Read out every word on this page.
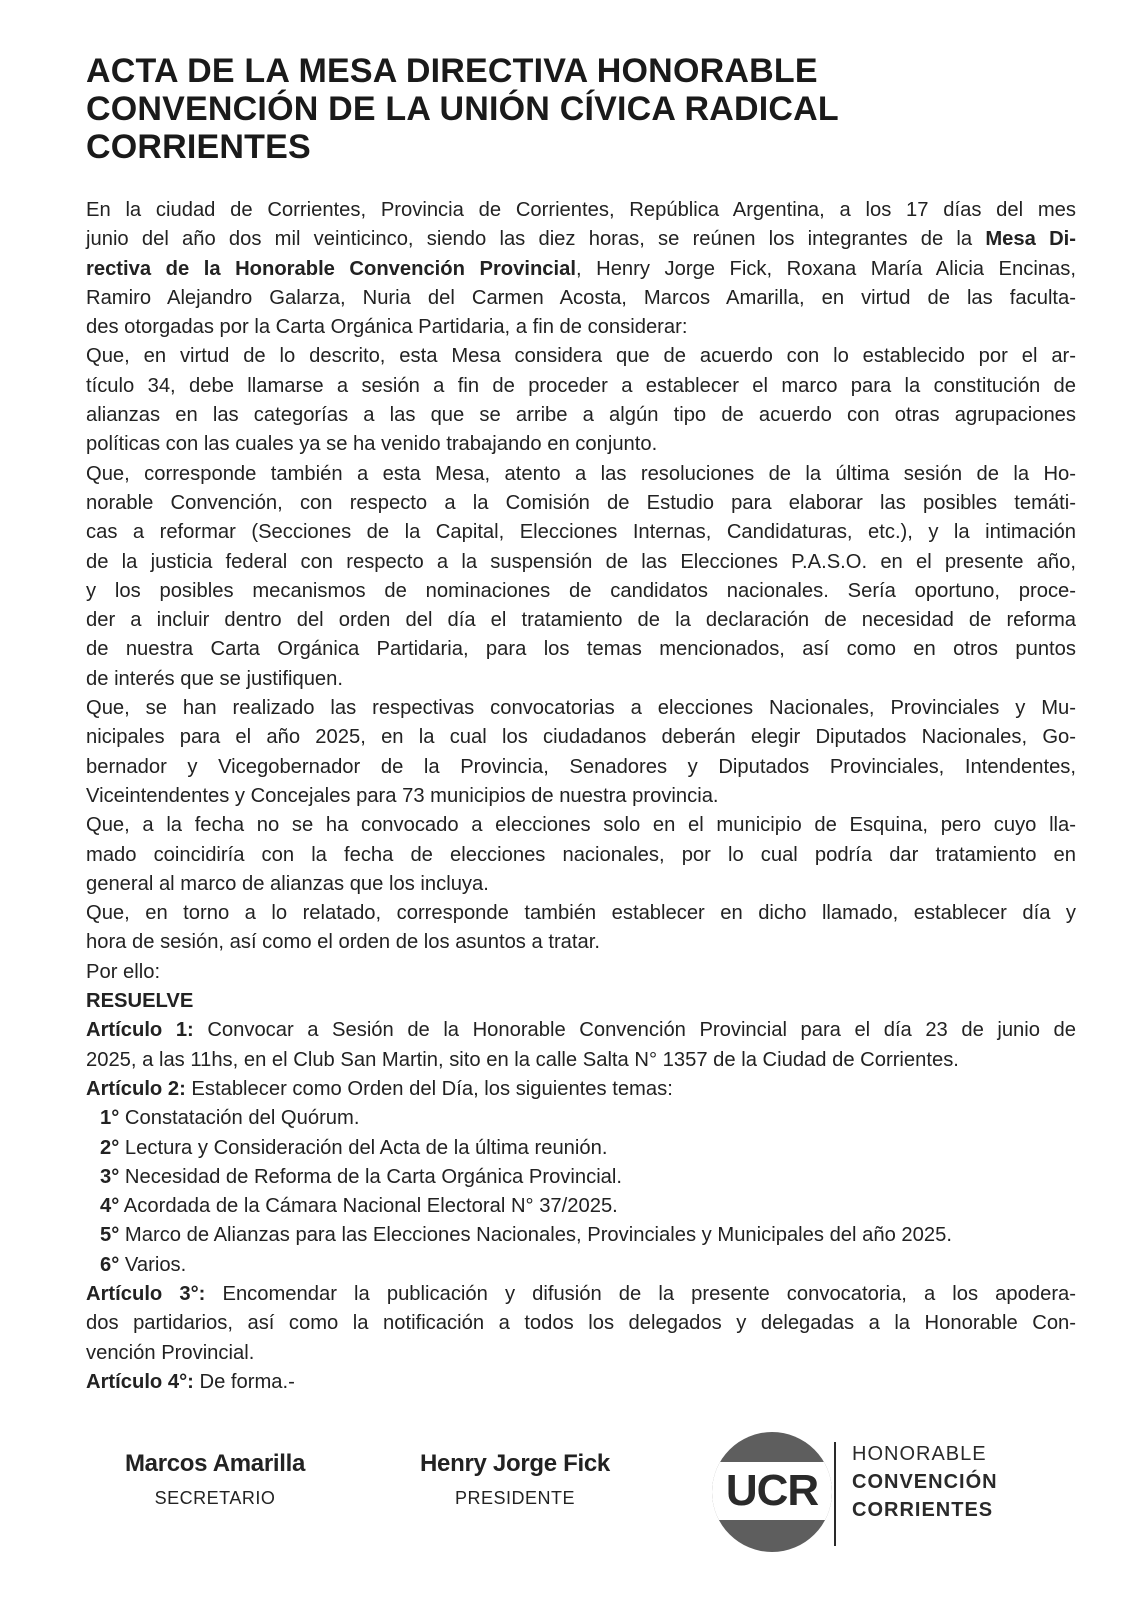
ACTA DE LA MESA DIRECTIVA HONORABLE
CONVENCIÓN DE LA UNIÓN CÍVICA RADICAL
CORRIENTES
En la ciudad de Corrientes, Provincia de Corrientes, República Argentina, a los 17 días del mes
junio del año dos mil veinticinco, siendo las diez horas, se reúnen los integrantes de la Mesa Di-
rectiva de la Honorable Convención Provincial, Henry Jorge Fick, Roxana María Alicia Encinas,
Ramiro Alejandro Galarza, Nuria del Carmen Acosta, Marcos Amarilla, en virtud de las faculta-
des otorgadas por la Carta Orgánica Partidaria, a fin de considerar:
Que, en virtud de lo descrito, esta Mesa considera que de acuerdo con lo establecido por el ar-
tículo 34, debe llamarse a sesión a fin de proceder a establecer el marco para la constitución de
alianzas en las categorías a las que se arribe a algún tipo de acuerdo con otras agrupaciones
políticas con las cuales ya se ha venido trabajando en conjunto.
Que, corresponde también a esta Mesa, atento a las resoluciones de la última sesión de la Ho-
norable Convención, con respecto a la Comisión de Estudio para elaborar las posibles temáti-
cas a reformar (Secciones de la Capital, Elecciones Internas, Candidaturas, etc.), y la intimación
de la justicia federal con respecto a la suspensión de las Elecciones P.A.S.O. en el presente año,
y los posibles mecanismos de nominaciones de candidatos nacionales. Sería oportuno, proce-
der a incluir dentro del orden del día el tratamiento de la declaración de necesidad de reforma
de nuestra Carta Orgánica Partidaria, para los temas mencionados, así como en otros puntos
de interés que se justifiquen.
Que, se han realizado las respectivas convocatorias a elecciones Nacionales, Provinciales y Mu-
nicipales para el año 2025, en la cual los ciudadanos deberán elegir Diputados Nacionales, Go-
bernador y Vicegobernador de la Provincia, Senadores y Diputados Provinciales, Intendentes,
Viceintendentes y Concejales para 73 municipios de nuestra provincia.
Que, a la fecha no se ha convocado a elecciones solo en el municipio de Esquina, pero cuyo lla-
mado coincidiría con la fecha de elecciones nacionales, por lo cual podría dar tratamiento en
general al marco de alianzas que los incluya.
Que, en torno a lo relatado, corresponde también establecer en dicho llamado, establecer día y
hora de sesión, así como el orden de los asuntos a tratar.
Por ello:
RESUELVE
Artículo 1: Convocar a Sesión de la Honorable Convención Provincial para el día 23 de junio de
2025, a las 11hs, en el Club San Martin, sito en la calle Salta N° 1357 de la Ciudad de Corrientes.
Artículo 2: Establecer como Orden del Día, los siguientes temas:
1° Constatación del Quórum.
2° Lectura y Consideración del Acta de la última reunión.
3° Necesidad de Reforma de la Carta Orgánica Provincial.
4° Acordada de la Cámara Nacional Electoral N° 37/2025.
5° Marco de Alianzas para las Elecciones Nacionales, Provinciales y Municipales del año 2025.
6° Varios.
Artículo 3°: Encomendar la publicación y difusión de la presente convocatoria, a los apodera-
dos partidarios, así como la notificación a todos los delegados y delegadas a la Honorable Con-
vención Provincial.
Artículo 4°: De forma.-
Marcos Amarilla
SECRETARIO
Henry Jorge Fick
PRESIDENTE	UCR
HONORABLE
CONVENCIÓN
CORRIENTES
